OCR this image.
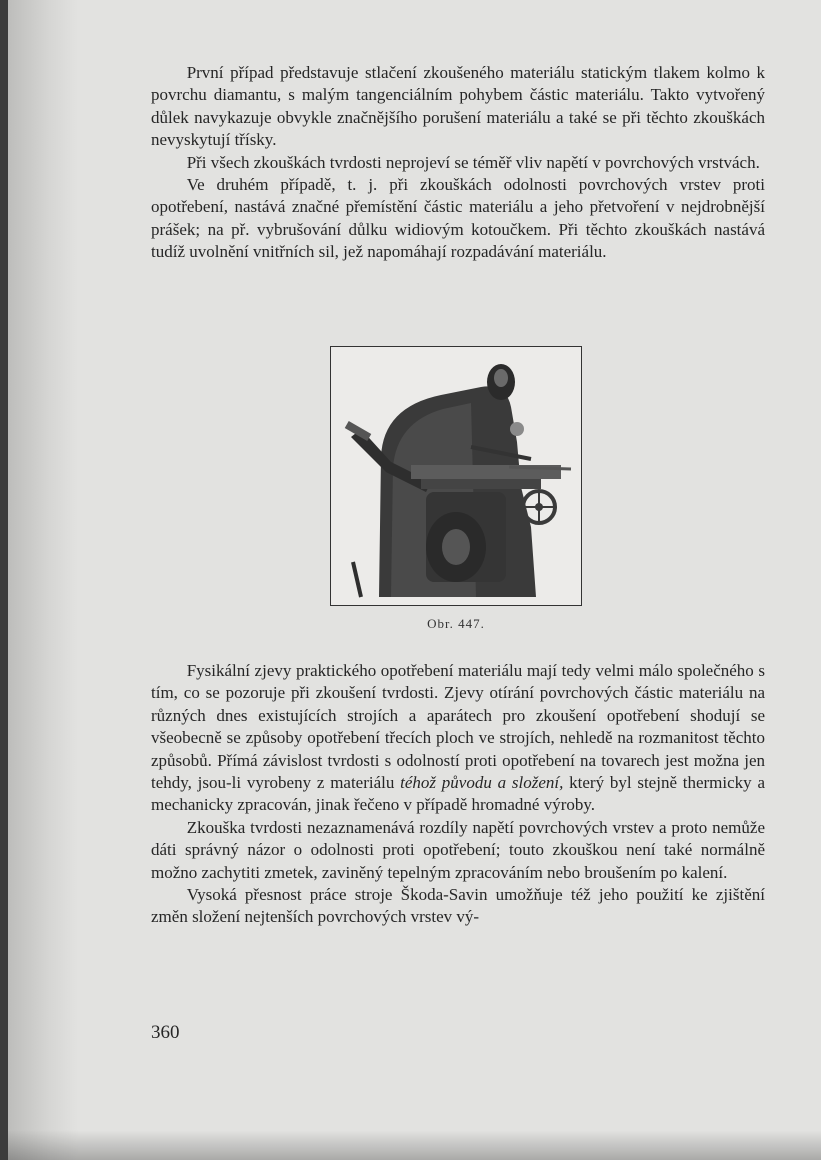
První případ představuje stlačení zkoušeného materiálu statickým tlakem kolmo k povrchu diamantu, s malým tangenciálním pohybem částic materiálu. Takto vytvořený důlek navykazuje obvykle značnějšího porušení materiálu a také se při těchto zkouškách nevyskytují třísky.

Při všech zkouškách tvrdosti neprojeví se téměř vliv napětí v povrchových vrstvách.

Ve druhém případě, t. j. při zkouškách odolnosti povrchových vrstev proti opotřebení, nastává značné přemístění částic materiálu a jeho přetvoření v nejdrobnější prášek; na př. vybrušování důlku widiovým kotoučkem. Při těchto zkouškách nastává tudíž uvolnění vnitřních sil, jež napomáhají rozpadávání materiálu.

Obr. 447.

Fysikální zjevy praktického opotřebení materiálu mají tedy velmi málo společného s tím, co se pozoruje při zkoušení tvrdosti. Zjevy otírání povrchových částic materiálu na různých dnes existujících strojích a aparátech pro zkoušení opotřebení shodují se všeobecně se způsoby opotřebení třecích ploch ve strojích, nehledě na rozmanitost těchto způsobů. Přímá závislost tvrdosti s odolností proti opotřebení na tovarech jest možna jen tehdy, jsou-li vyrobeny z materiálu téhož původu a složení, který byl stejně thermicky a mechanicky zpracován, jinak řečeno v případě hromadné výroby.

Zkouška tvrdosti nezaznamenává rozdíly napětí povrchových vrstev a proto nemůže dáti správný názor o odolnosti proti opotřebení; touto zkouškou není také normálně možno zachytiti zmetek, zaviněný tepelným zpracováním nebo broušením po kalení.

Vysoká přesnost práce stroje Škoda-Savin umožňuje též jeho použití ke zjištění změn složení nejtenších povrchových vrstev vý-

360
